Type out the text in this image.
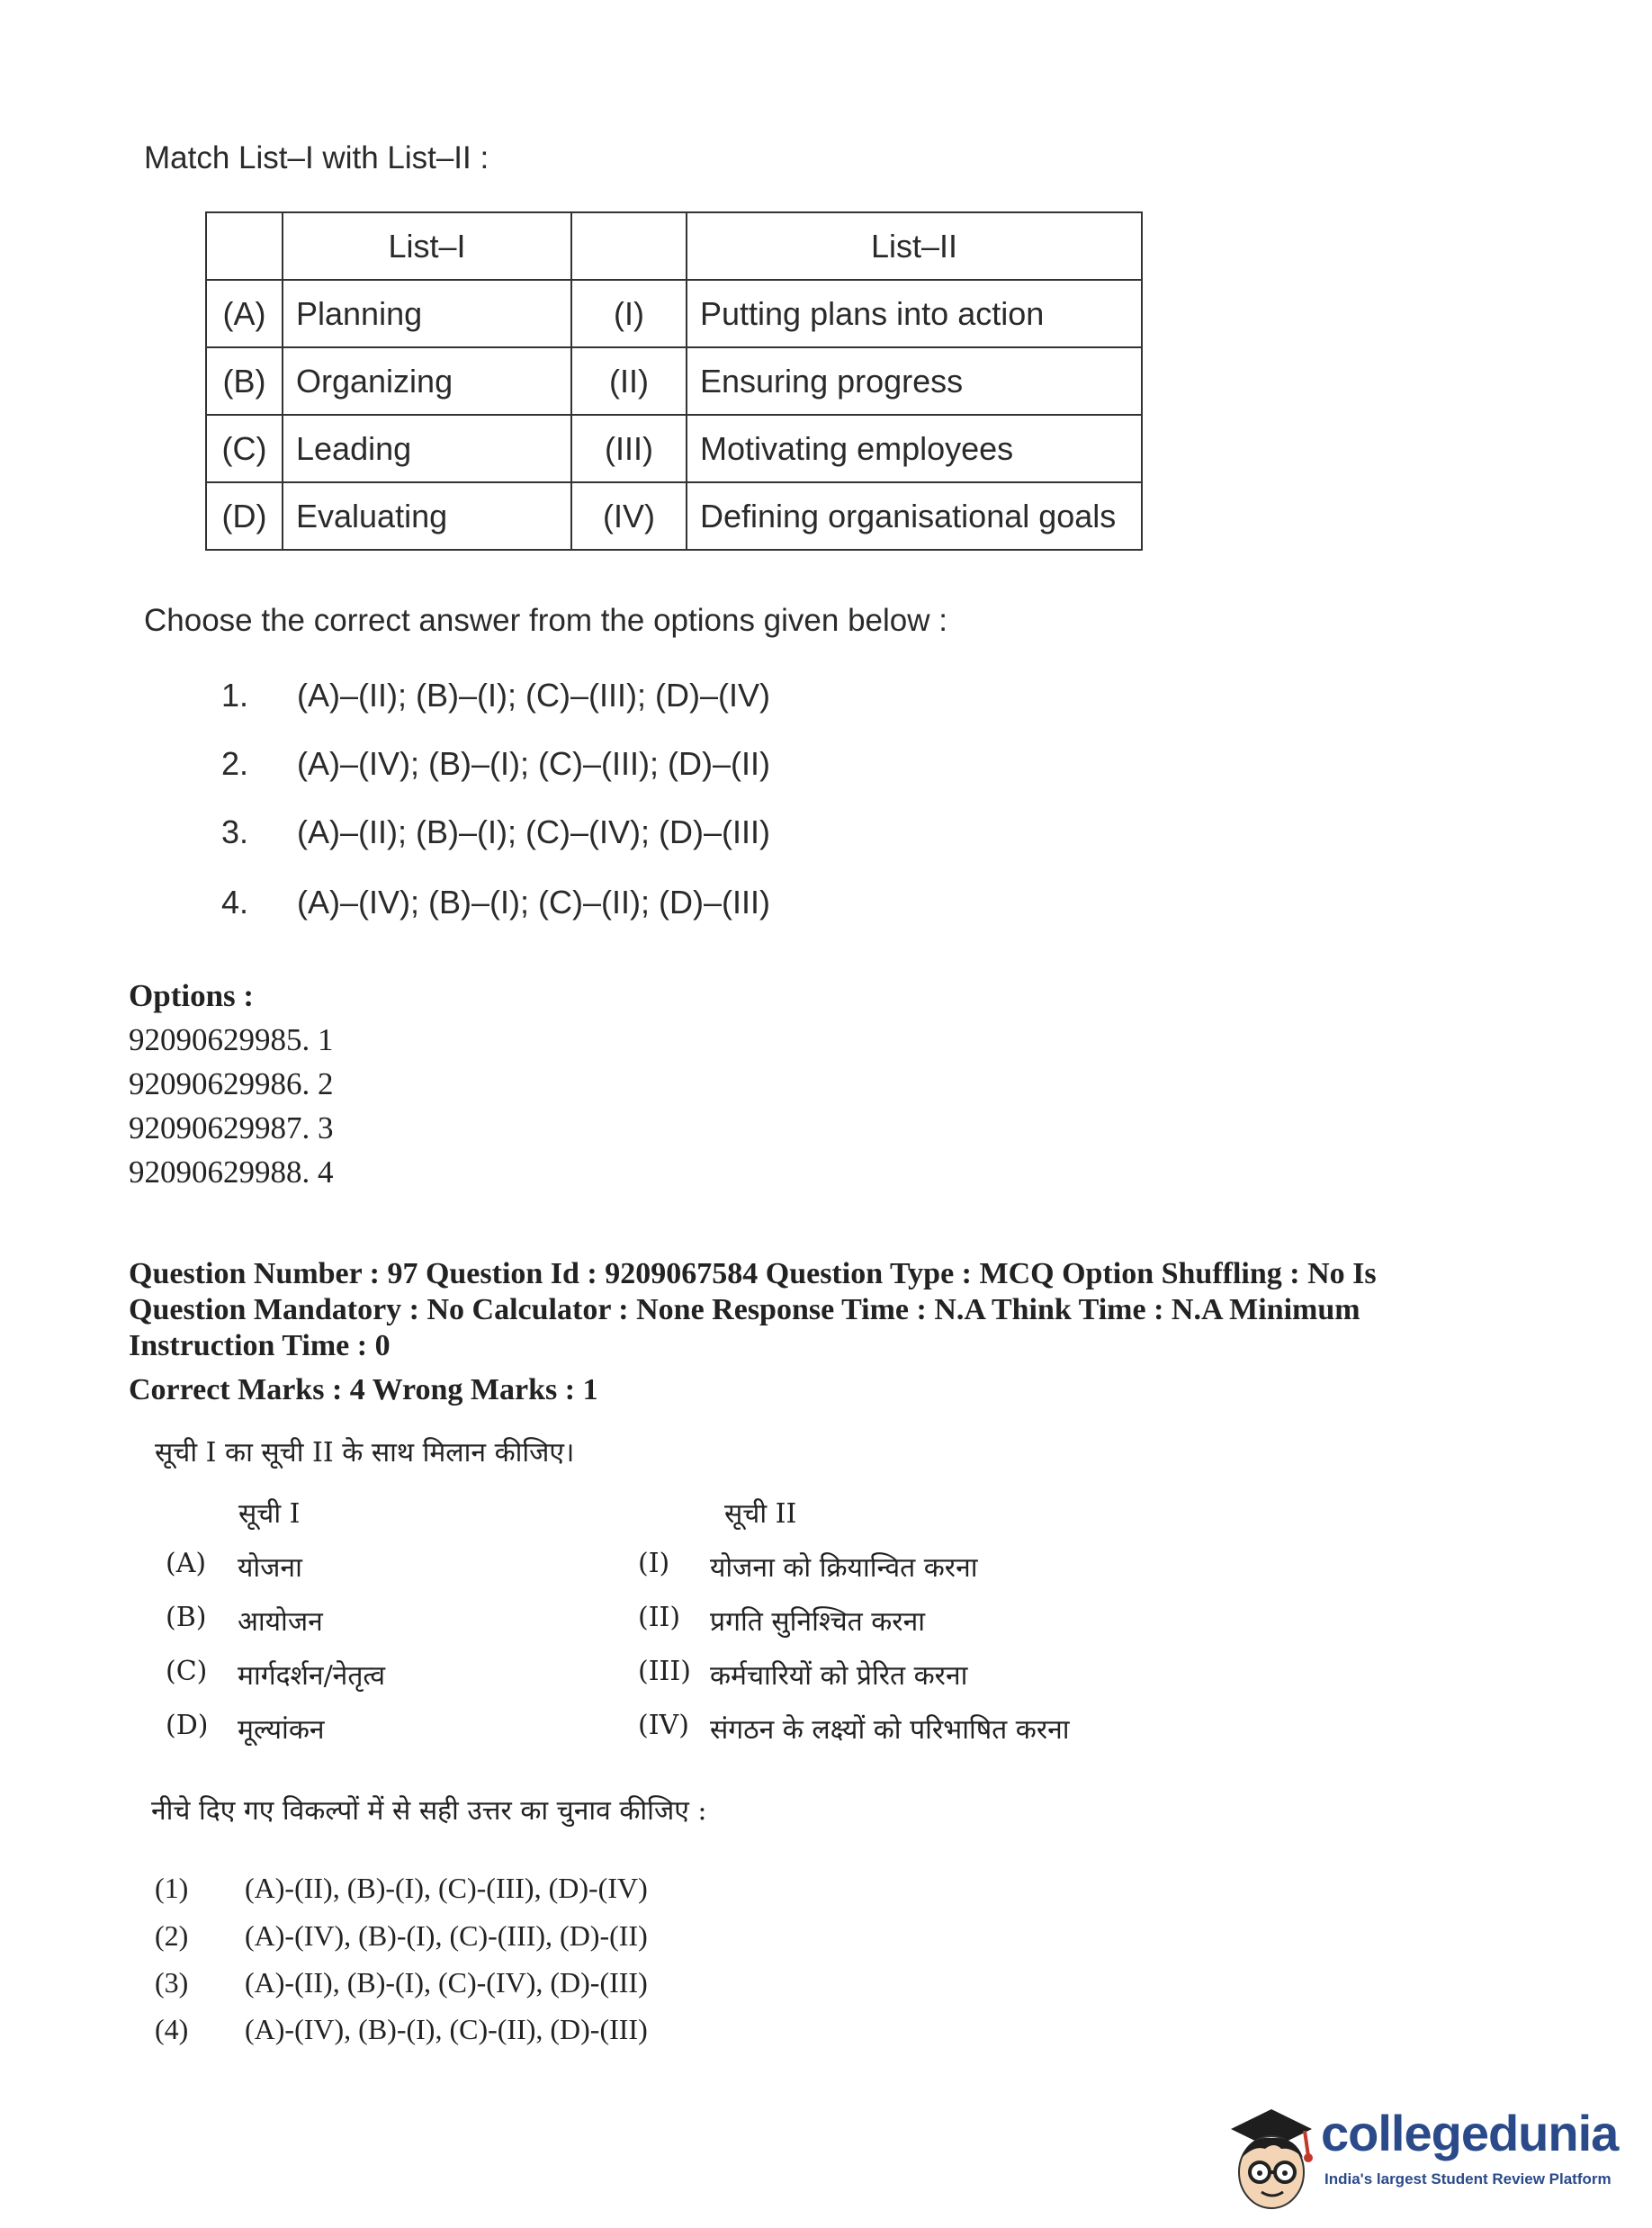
Match List–I with List–II :
	List–I		List–II
(A)	Planning	(I)	Putting plans into action
(B)	Organizing	(II)	Ensuring progress
(C)	Leading	(III)	Motivating employees
(D)	Evaluating	(IV)	Defining organisational goals
Choose the correct answer from the options given below :
1.	(A)–(II); (B)–(I); (C)–(III); (D)–(IV)
2.	(A)–(IV); (B)–(I); (C)–(III); (D)–(II)
3.	(A)–(II); (B)–(I); (C)–(IV); (D)–(III)
4.	(A)–(IV); (B)–(I); (C)–(II); (D)–(III)
Options :
92090629985. 1
92090629986. 2
92090629987. 3
92090629988. 4
Question Number : 97 Question Id : 9209067584 Question Type : MCQ Option Shuffling : No Is
Question Mandatory : No Calculator : None Response Time : N.A Think Time : N.A Minimum
Instruction Time : 0
Correct Marks : 4 Wrong Marks : 1
सूची I का सूची II के साथ मिलान कीजिए।
सूची I	सूची II
(A)	योजना	(I)	योजना को क्रियान्वित करना
(B)	आयोजन	(II)	प्रगति सुनिश्चित करना
(C)	मार्गदर्शन/नेतृत्व	(III) कर्मचारियों को प्रेरित करना
(D)	मूल्यांकन	(IV) संगठन के लक्ष्यों को परिभाषित करना
नीचे दिए गए विकल्पों में से सही उत्तर का चुनाव कीजिए :
(1)	(A)-(II), (B)-(I), (C)-(III), (D)-(IV)
(2)	(A)-(IV), (B)-(I), (C)-(III), (D)-(II)
(3)	(A)-(II), (B)-(I), (C)-(IV), (D)-(III)
(4)	(A)-(IV), (B)-(I), (C)-(II), (D)-(III)
collegedunia
India's largest Student Review Platform
